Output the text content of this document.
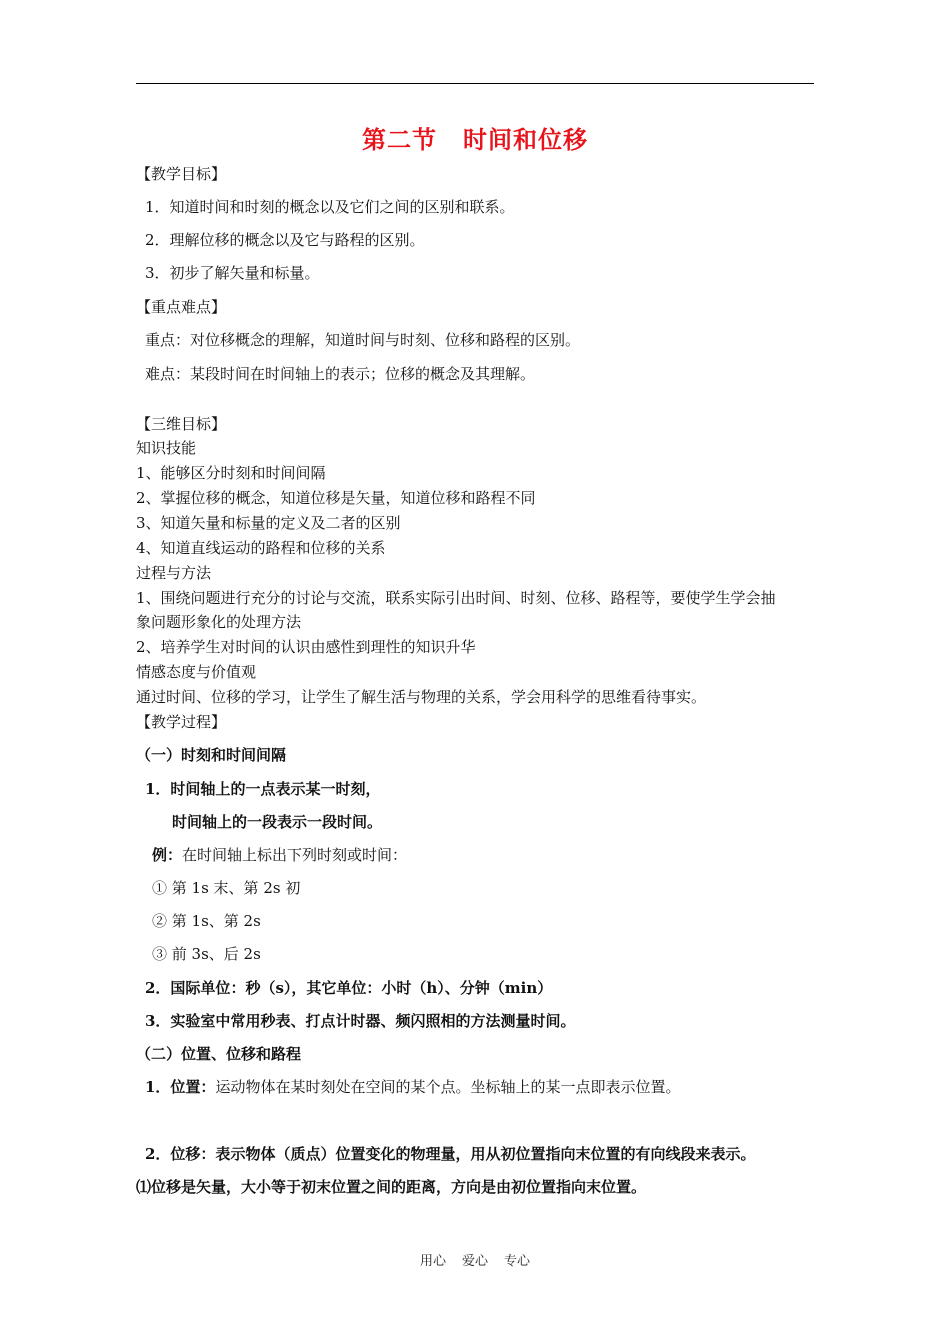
第二节 时间和位移
【教学目标】
1．知道时间和时刻的概念以及它们之间的区别和联系。
2．理解位移的概念以及它与路程的区别。
3．初步了解矢量和标量。
【重点难点】
重点：对位移概念的理解，知道时间与时刻、位移和路程的区别。
难点：某段时间在时间轴上的表示；位移的概念及其理解。
【三维目标】
知识技能
1、能够区分时刻和时间间隔
2、掌握位移的概念，知道位移是矢量，知道位移和路程不同
3、知道矢量和标量的定义及二者的区别
4、知道直线运动的路程和位移的关系
过程与方法
1、围绕问题进行充分的讨论与交流，联系实际引出时间、时刻、位移、路程等，要使学生学会抽
象问题形象化的处理方法
2、培养学生对时间的认识由感性到理性的知识升华
情感态度与价值观
通过时间、位移的学习，让学生了解生活与物理的关系，学会用科学的思维看待事实。
【教学过程】
（一）时刻和时间间隔
1．时间轴上的一点表示某一时刻，
时间轴上的一段表示一段时间。
例：在时间轴上标出下列时刻或时间：
① 第 1s 末、第 2s 初
② 第 1s、第 2s
③ 前 3s、后 2s
2．国际单位：秒（s），其它单位：小时（h）、分钟（min）
3．实验室中常用秒表、打点计时器、频闪照相的方法测量时间。
（二）位置、位移和路程
1．位置：运动物体在某时刻处在空间的某个点。坐标轴上的某一点即表示位置。
2．位移：表示物体（质点）位置变化的物理量，用从初位置指向末位置的有向线段来表示。
⑴位移是矢量，大小等于初末位置之间的距离，方向是由初位置指向末位置。
用心 爱心 专心
